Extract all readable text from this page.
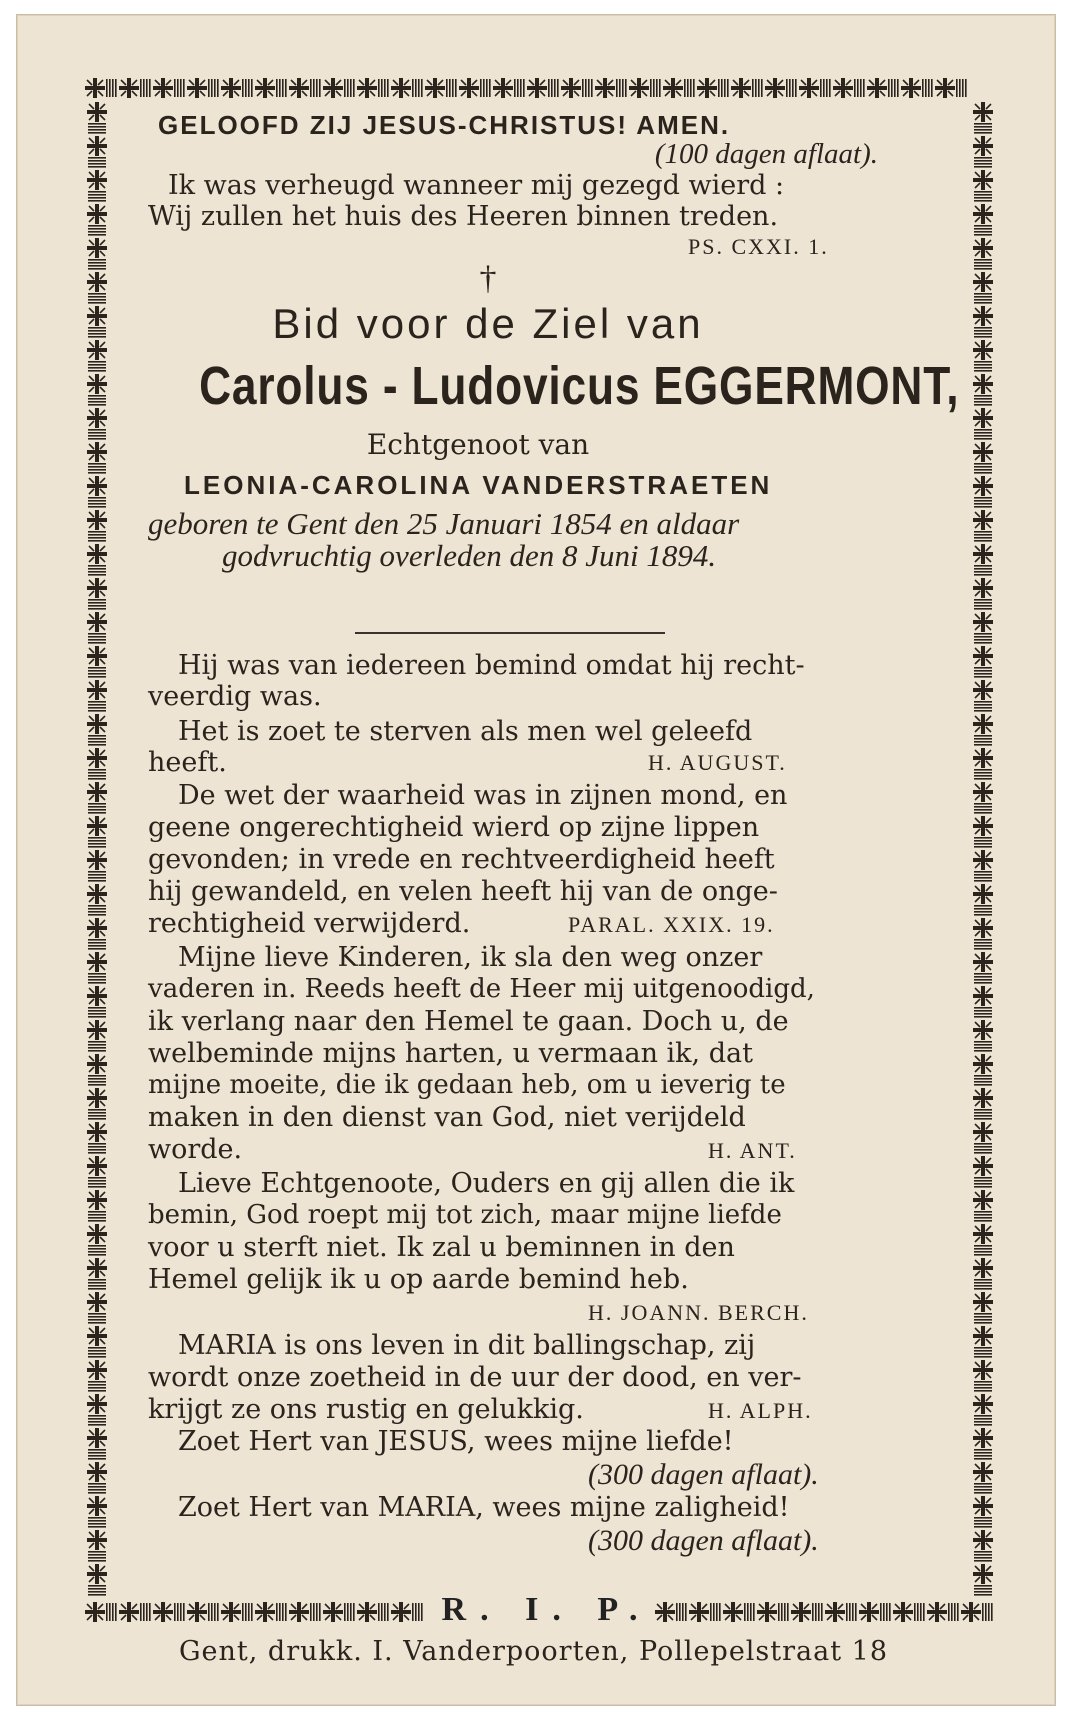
R. I. P.
GELOOFD ZIJ JESUS-CHRISTUS! AMEN.
(100 dagen aflaat).
Ik was verheugd wanneer mij gezegd wierd :
Wij zullen het huis des Heeren binnen treden.
PS. CXXI. 1.
†
Bid voor de Ziel van
Carolus - Ludovicus EGGERMONT,
Echtgenoot van
LEONIA-CAROLINA VANDERSTRAETEN
geboren te Gent den 25 Januari 1854 en aldaar
godvruchtig overleden den 8 Juni 1894.
Hij was van iedereen bemind omdat hij recht-
veerdig was.
Het is zoet te sterven als men wel geleefd
heeft.	H. AUGUST.
De wet der waarheid was in zijnen mond, en
geene ongerechtigheid wierd op zijne lippen
gevonden; in vrede en rechtveerdigheid heeft
hij gewandeld, en velen heeft hij van de onge-
rechtigheid verwijderd.	PARAL. XXIX. 19.
Mijne lieve Kinderen, ik sla den weg onzer
vaderen in. Reeds heeft de Heer mij uitgenoodigd,
ik verlang naar den Hemel te gaan. Doch u, de
welbeminde mijns harten, u vermaan ik, dat
mijne moeite, die ik gedaan heb, om u ieverig te
maken in den dienst van God, niet verijdeld
worde.	H. ANT.
Lieve Echtgenoote, Ouders en gij allen die ik
bemin, God roept mij tot zich, maar mijne liefde
voor u sterft niet. Ik zal u beminnen in den
Hemel gelijk ik u op aarde bemind heb.
H. JOANN. BERCH.
MARIA is ons leven in dit ballingschap, zij
wordt onze zoetheid in de uur der dood, en ver-
krijgt ze ons rustig en gelukkig.	H. ALPH.
Zoet Hert van JESUS, wees mijne liefde!
(300 dagen aflaat).
Zoet Hert van MARIA, wees mijne zaligheid!
(300 dagen aflaat).
Gent, drukk. I. Vanderpoorten, Pollepelstraat 18
